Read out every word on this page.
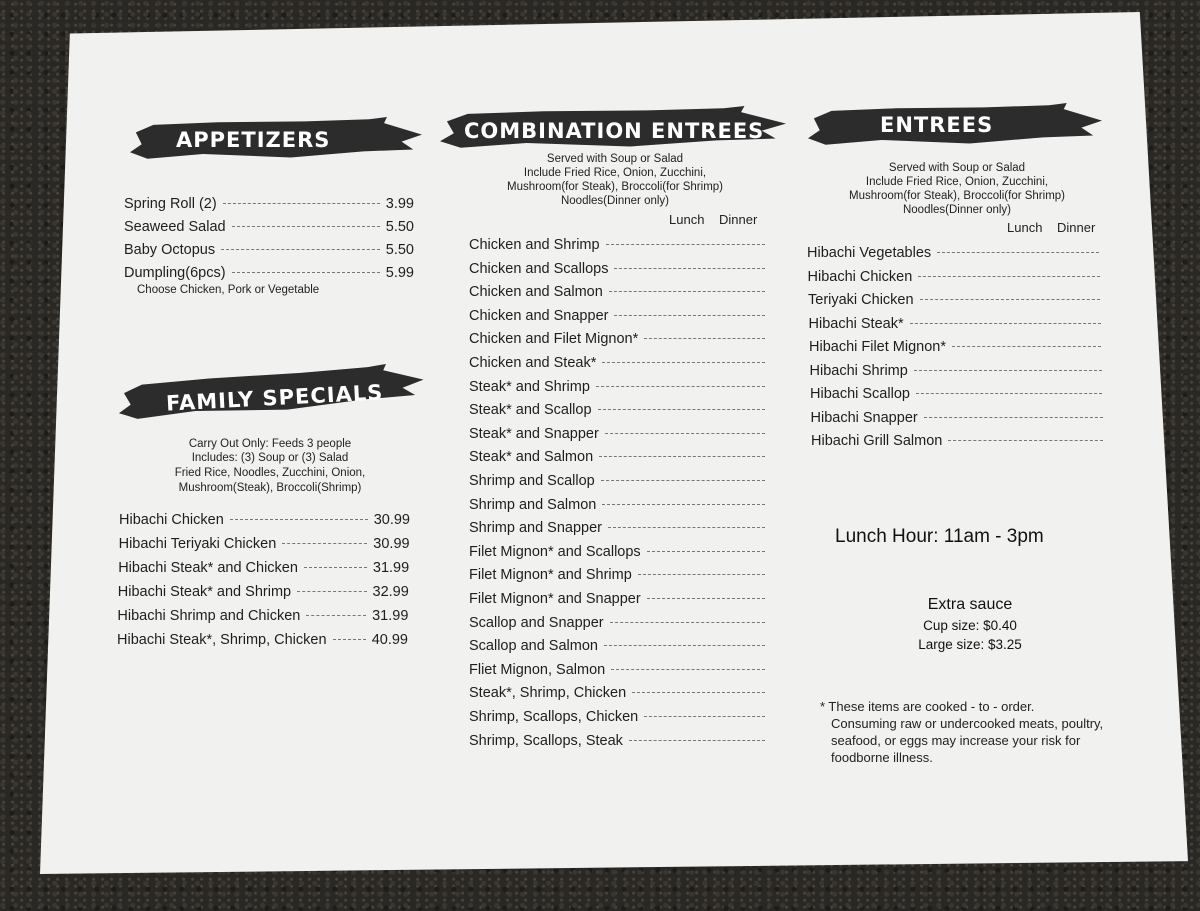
APPETIZERS
Spring Roll (2)	3.99
Seaweed Salad	5.50
Baby Octopus	5.50
Dumpling(6pcs)	5.99
Choose Chicken, Pork or Vegetable
FAMILY SPECIALS
Carry Out Only: Feeds 3 people
Includes: (3) Soup or (3) Salad
Fried Rice, Noodles, Zucchini, Onion,
Mushroom(Steak), Broccoli(Shrimp)
Hibachi Chicken	30.99
Hibachi Teriyaki Chicken	30.99
Hibachi Steak* and Chicken	31.99
Hibachi Steak* and Shrimp	32.99
Hibachi Shrimp and Chicken	31.99
Hibachi Steak*, Shrimp, Chicken	40.99
COMBINATION ENTREES
Served with Soup or Salad
Include Fried Rice, Onion, Zucchini,
Mushroom(for Steak), Broccoli(for Shrimp)
Noodles(Dinner only)
Lunch Dinner
Chicken and Shrimp
Chicken and Scallops
Chicken and Salmon
Chicken and Snapper
Chicken and Filet Mignon*
Chicken and Steak*
Steak* and Shrimp
Steak* and Scallop
Steak* and Snapper
Steak* and Salmon
Shrimp and Scallop
Shrimp and Salmon
Shrimp and Snapper
Filet Mignon* and Scallops
Filet Mignon* and Shrimp
Filet Mignon* and Snapper
Scallop and Snapper
Scallop and Salmon
Fliet Mignon, Salmon
Steak*, Shrimp, Chicken
Shrimp, Scallops, Chicken
Shrimp, Scallops, Steak
ENTREES
Served with Soup or Salad
Include Fried Rice, Onion, Zucchini,
Mushroom(for Steak), Broccoli(for Shrimp)
Noodles(Dinner only)
Lunch Dinner
Hibachi Vegetables
Hibachi Chicken
Teriyaki Chicken
Hibachi Steak*
Hibachi Filet Mignon*
Hibachi Shrimp
Hibachi Scallop
Hibachi Snapper
Hibachi Grill Salmon
Lunch Hour: 11am - 3pm
Extra sauce
Cup size: $0.40
Large size: $3.25
* These items are cooked - to - order.
Consuming raw or undercooked meats, poultry,
seafood, or eggs may increase your risk for
foodborne illness.
